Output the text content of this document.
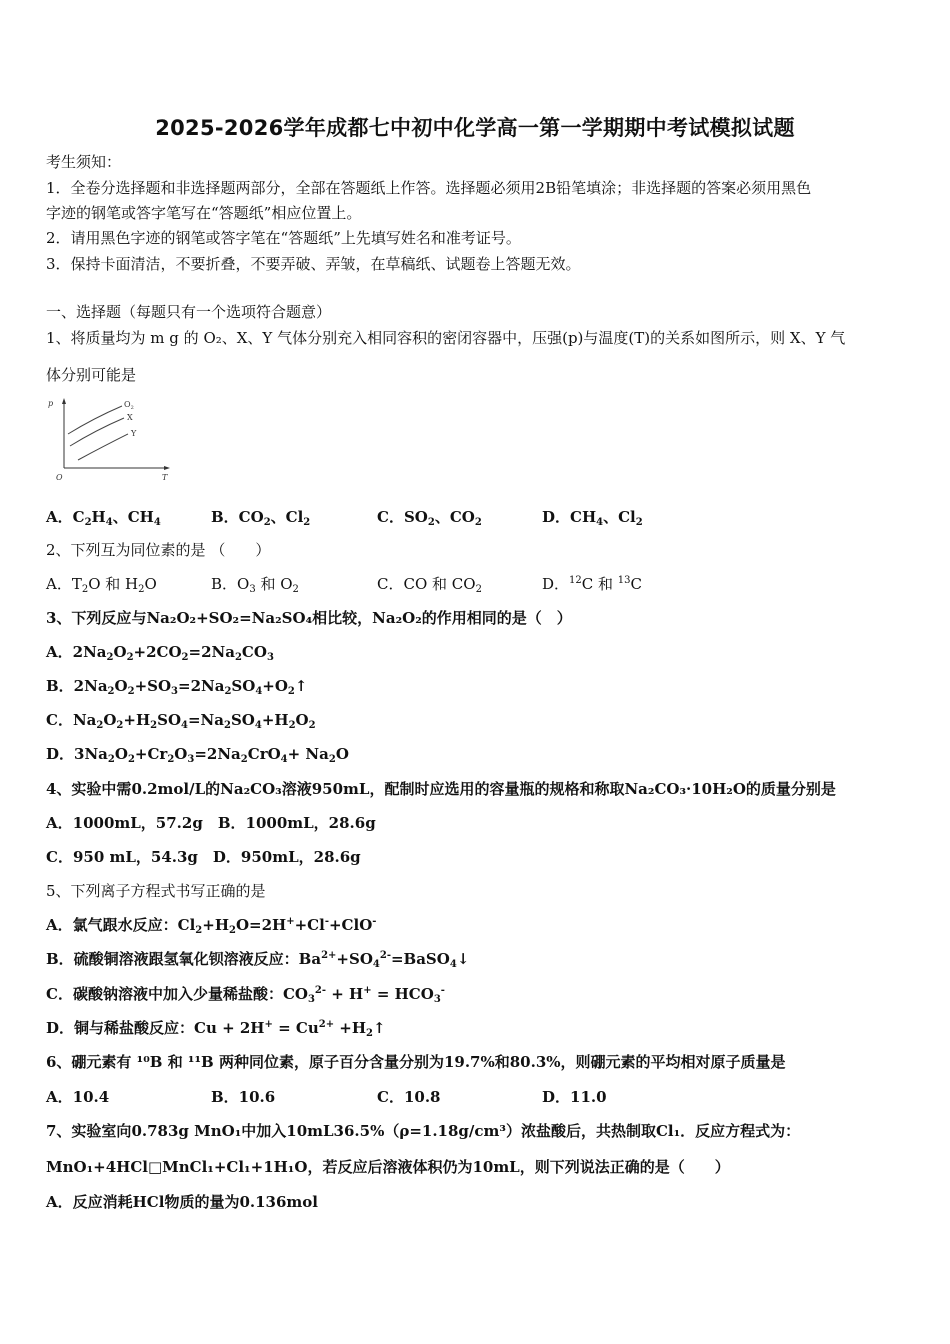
2025-2026学年成都七中初中化学高一第一学期期中考试模拟试题
考生须知：
1．全卷分选择题和非选择题两部分，全部在答题纸上作答。选择题必须用2B铅笔填涂；非选择题的答案必须用黑色
字迹的钢笔或答字笔写在“答题纸”相应位置上。
2．请用黑色字迹的钢笔或答字笔在“答题纸”上先填写姓名和准考证号。
3．保持卡面清洁，不要折叠，不要弄破、弄皱，在草稿纸、试题卷上答题无效。
一、选择题（每题只有一个选项符合题意）
1、将质量均为 m g 的 O₂、X、Y 气体分别充入相同容积的密闭容器中，压强(p)与温度(T)的关系如图所示，则 X、Y 气
体分别可能是
p
T
O
$O_2$
X
Y
A．$C_2H_4$、$CH_4$	B．$CO_2$、$Cl_2$	C．$SO_2$、$CO_2$	D．$CH_4$、$Cl_2$
2、下列互为同位素的是 （　　）
A．$T_2O$ 和 $H_2O$	B．$O_3$ 和 $O_2$	C．CO 和 $CO_2$	D．$^{12}$C 和 $^{13}$C
3、下列反应与Na₂O₂+SO₂=Na₂SO₄相比较，Na₂O₂的作用相同的是（　）
A．$2Na_2O_2+2CO_2=2Na_2CO_3$
B．$2Na_2O_2+SO_3=2Na_2SO_4+O_2↑$
C．$Na_2O_2+H_2SO_4=Na_2SO_4+H_2O_2$
D．$3Na_2O_2+Cr_2O_3=2Na_2CrO_4+ Na_2O$
4、实验中需0.2mol/L的Na₂CO₃溶液950mL，配制时应选用的容量瓶的规格和称取Na₂CO₃·10H₂O的质量分别是
A．1000mL，57.2g　B．1000mL，28.6g
C．950 mL，54.3g　D．950mL，28.6g
5、下列离子方程式书写正确的是
A．氯气跟水反应：$Cl_2+H_2O=2H^++Cl^-+ClO^-$
B．硫酸铜溶液跟氢氧化钡溶液反应：$Ba^{2+}+SO_4^{2-}=BaSO_4↓$
C．碳酸钠溶液中加入少量稀盐酸：$CO_3^{2-} + H^+ = HCO_3^-$
D．铜与稀盐酸反应：$Cu + 2H^+ = Cu^{2+}$ $+H_2↑$
6、硼元素有 ¹⁰B 和 ¹¹B 两种同位素，原子百分含量分别为19.7%和80.3%，则硼元素的平均相对原子质量是
A．10.4	B．10.6	C．10.8	D．11.0
7、实验室向0.783g MnO₁中加入10mL36.5%（ρ=1.18g/cm³）浓盐酸后，共热制取Cl₁．反应方程式为：
MnO₁+4HCl□MnCl₁+Cl₁+1H₁O，若反应后溶液体积仍为10mL，则下列说法正确的是（　　）
A．反应消耗HCl物质的量为0.136mol
